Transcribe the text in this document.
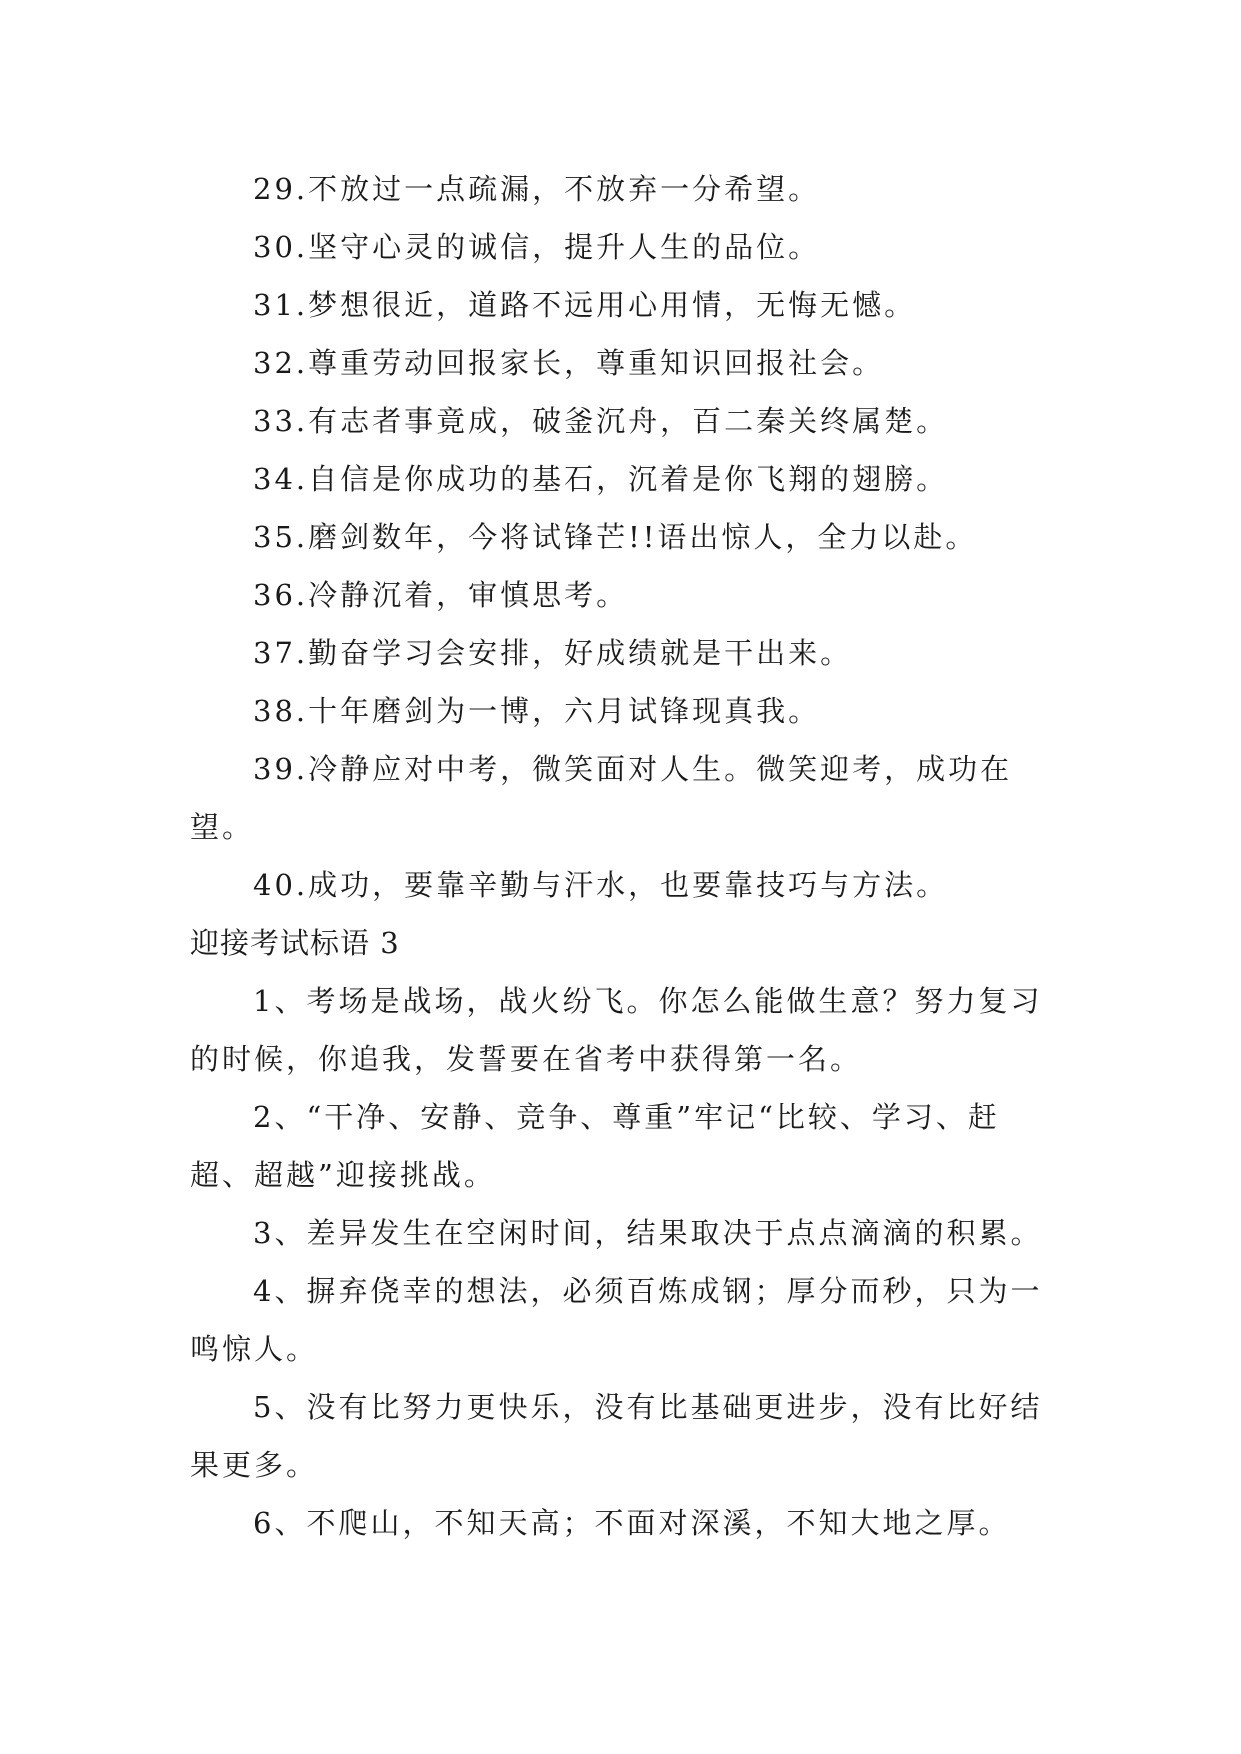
29.不放过一点疏漏，不放弃一分希望。

30.坚守心灵的诚信，提升人生的品位。

31.梦想很近，道路不远用心用情，无悔无憾。

32.尊重劳动回报家长，尊重知识回报社会。

33.有志者事竟成，破釜沉舟，百二秦关终属楚。

34.自信是你成功的基石，沉着是你飞翔的翅膀。

35.磨剑数年，今将试锋芒!!语出惊人，全力以赴。

36.冷静沉着，审慎思考。

37.勤奋学习会安排，好成绩就是干出来。

38.十年磨剑为一博，六月试锋现真我。

39.冷静应对中考，微笑面对人生。微笑迎考，成功在望。

40.成功，要靠辛勤与汗水，也要靠技巧与方法。

迎接考试标语 3

1、考场是战场，战火纷飞。你怎么能做生意？努力复习的时候，你追我，发誓要在省考中获得第一名。

2、“干净、安静、竞争、尊重”牢记“比较、学习、赶超、超越”迎接挑战。

3、差异发生在空闲时间，结果取决于点点滴滴的积累。

4、摒弃侥幸的想法，必须百炼成钢；厚分而秒，只为一鸣惊人。

5、没有比努力更快乐，没有比基础更进步，没有比好结果更多。

6、不爬山，不知天高；不面对深溪，不知大地之厚。
